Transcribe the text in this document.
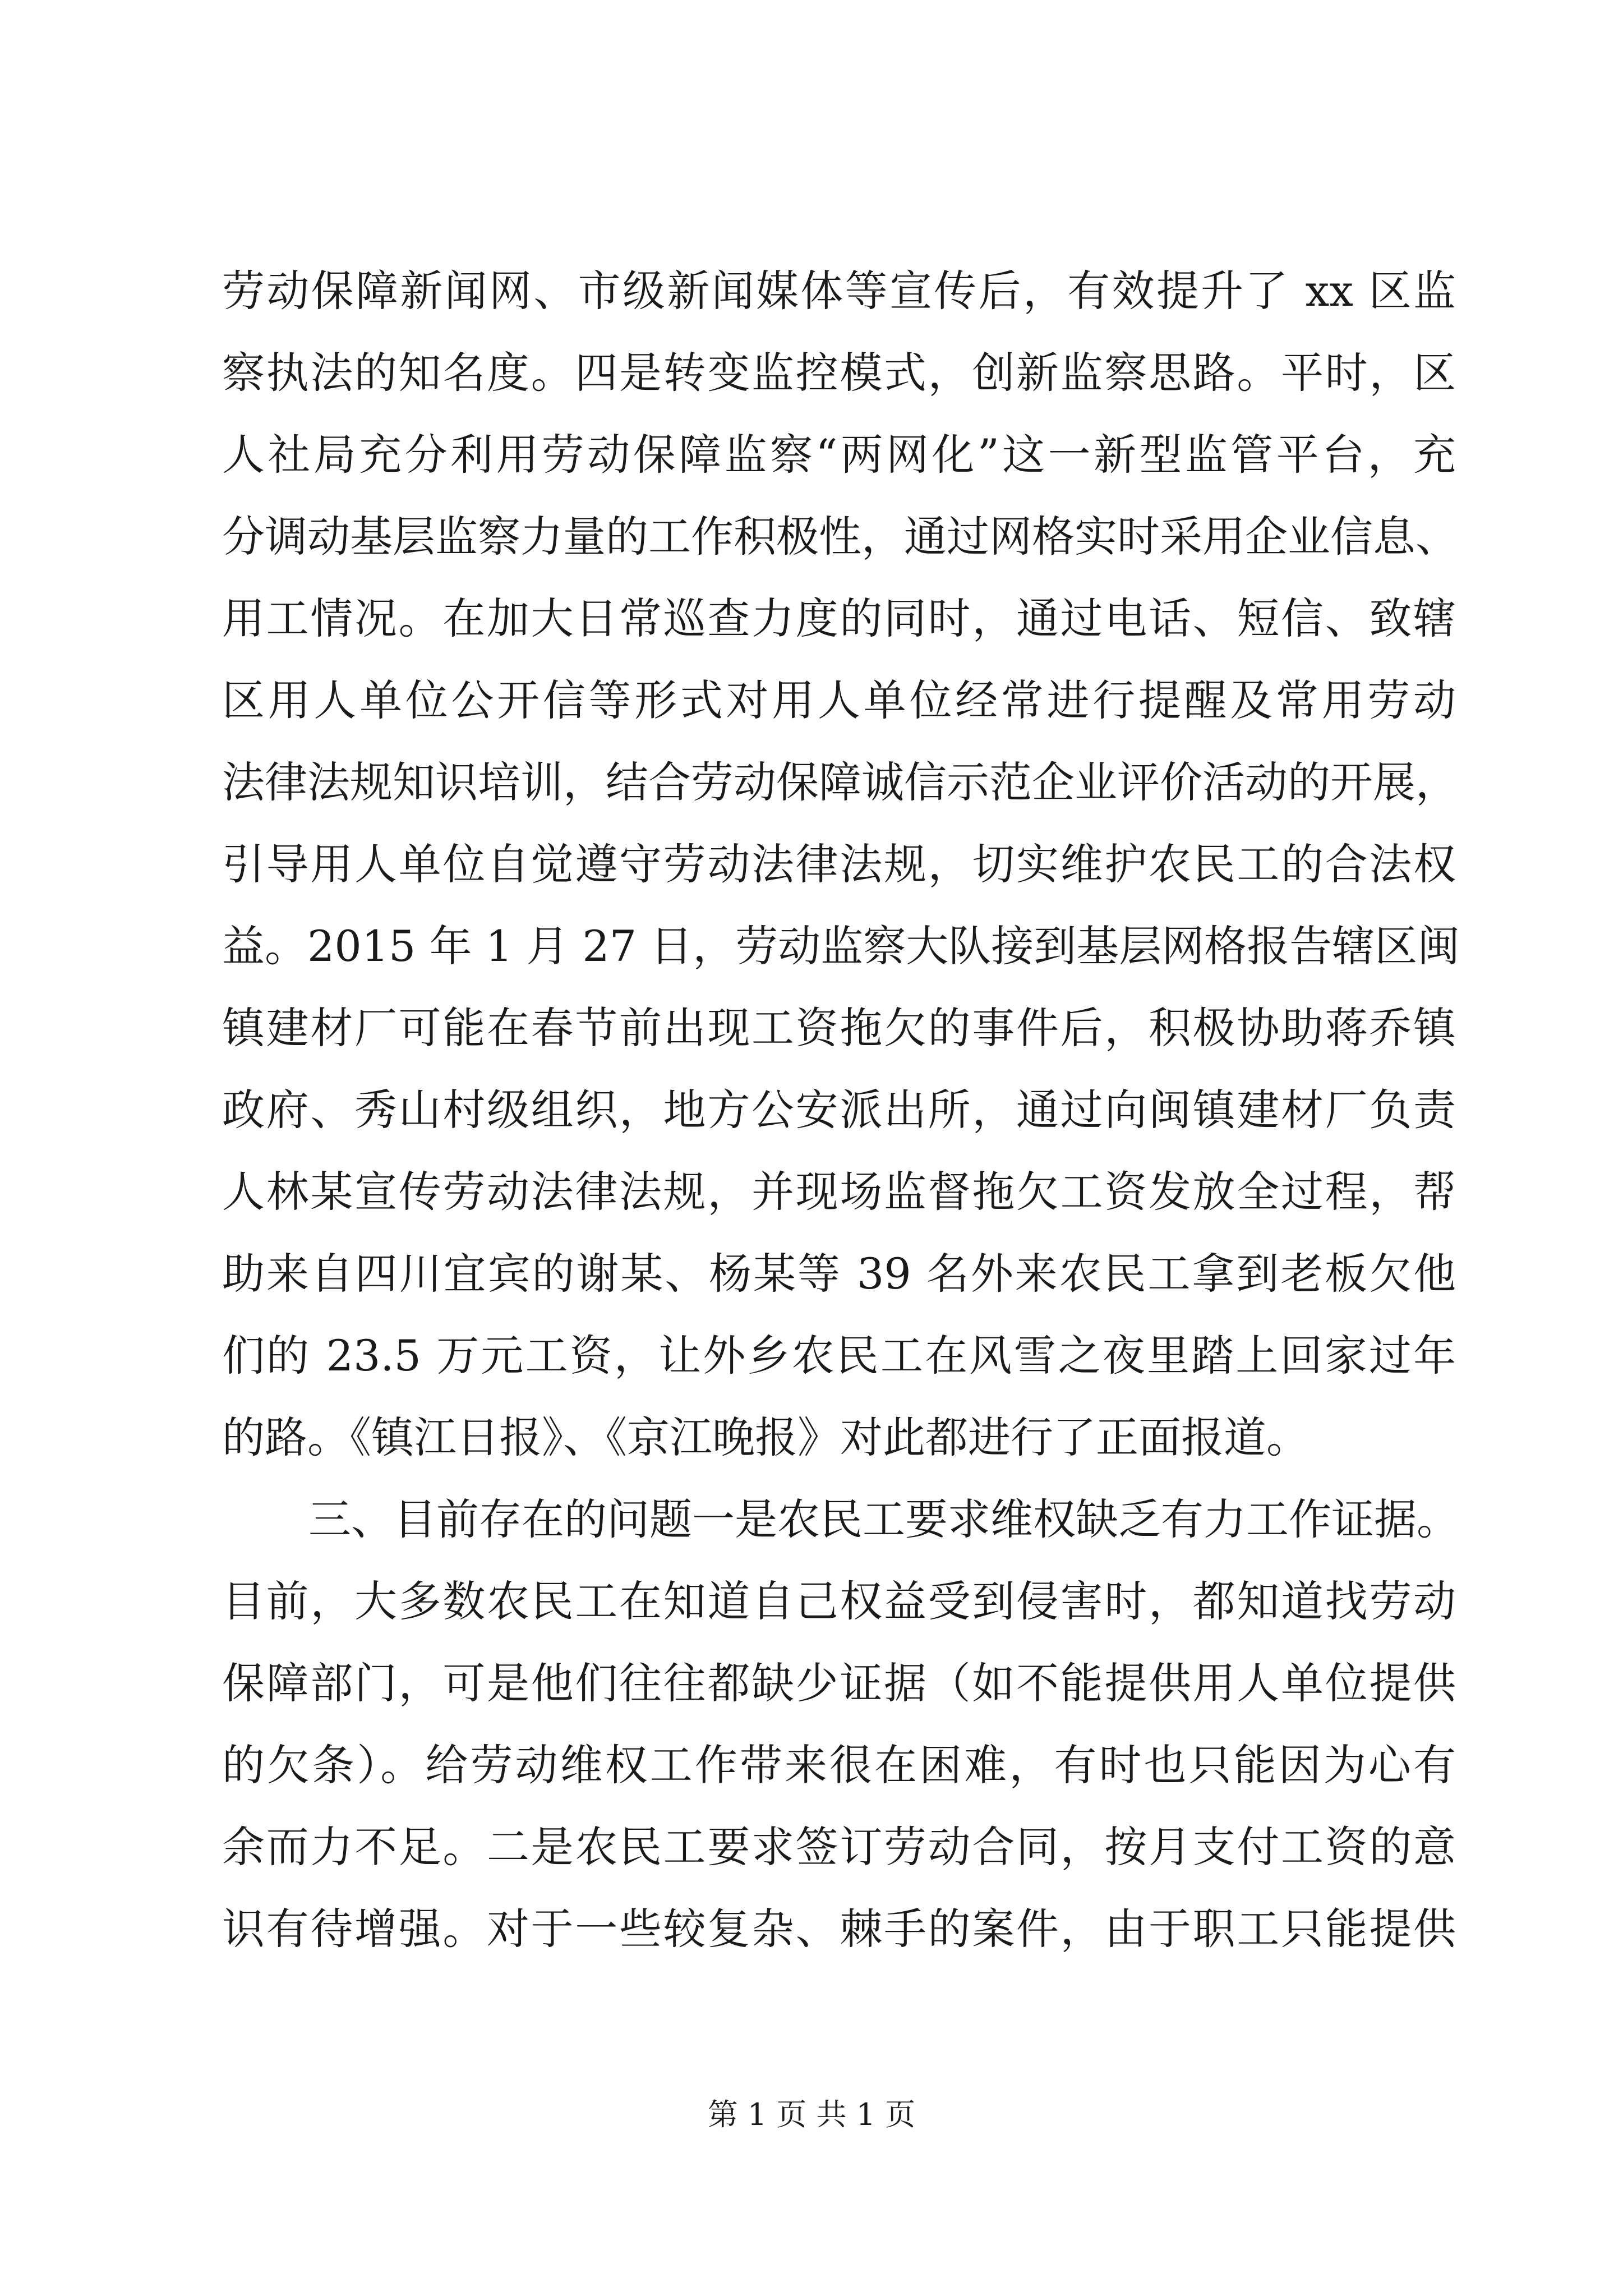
劳动保障新闻网、市级新闻媒体等宣传后，有效提升了 xx 区监
察执法的知名度。四是转变监控模式，创新监察思路。平时，区
人社局充分利用劳动保障监察“两网化”这一新型监管平台，充
分调动基层监察力量的工作积极性，通过网格实时采用企业信息、
用工情况。在加大日常巡查力度的同时，通过电话、短信、致辖
区用人单位公开信等形式对用人单位经常进行提醒及常用劳动
法律法规知识培训，结合劳动保障诚信示范企业评价活动的开展，
引导用人单位自觉遵守劳动法律法规，切实维护农民工的合法权
益。2015 年 1 月 27 日，劳动监察大队接到基层网格报告辖区闽
镇建材厂可能在春节前出现工资拖欠的事件后，积极协助蒋乔镇
政府、秀山村级组织，地方公安派出所，通过向闽镇建材厂负责
人林某宣传劳动法律法规，并现场监督拖欠工资发放全过程，帮
助来自四川宜宾的谢某、杨某等 39 名外来农民工拿到老板欠他
们的 23.5 万元工资，让外乡农民工在风雪之夜里踏上回家过年
的路。《镇江日报》、《京江晚报》对此都进行了正面报道。
三、目前存在的问题一是农民工要求维权缺乏有力工作证据。
目前，大多数农民工在知道自己权益受到侵害时，都知道找劳动
保障部门，可是他们往往都缺少证据（如不能提供用人单位提供
的欠条）。给劳动维权工作带来很在困难，有时也只能因为心有
余而力不足。二是农民工要求签订劳动合同，按月支付工资的意
识有待增强。对于一些较复杂、棘手的案件，由于职工只能提供
第 1 页 共 1 页
